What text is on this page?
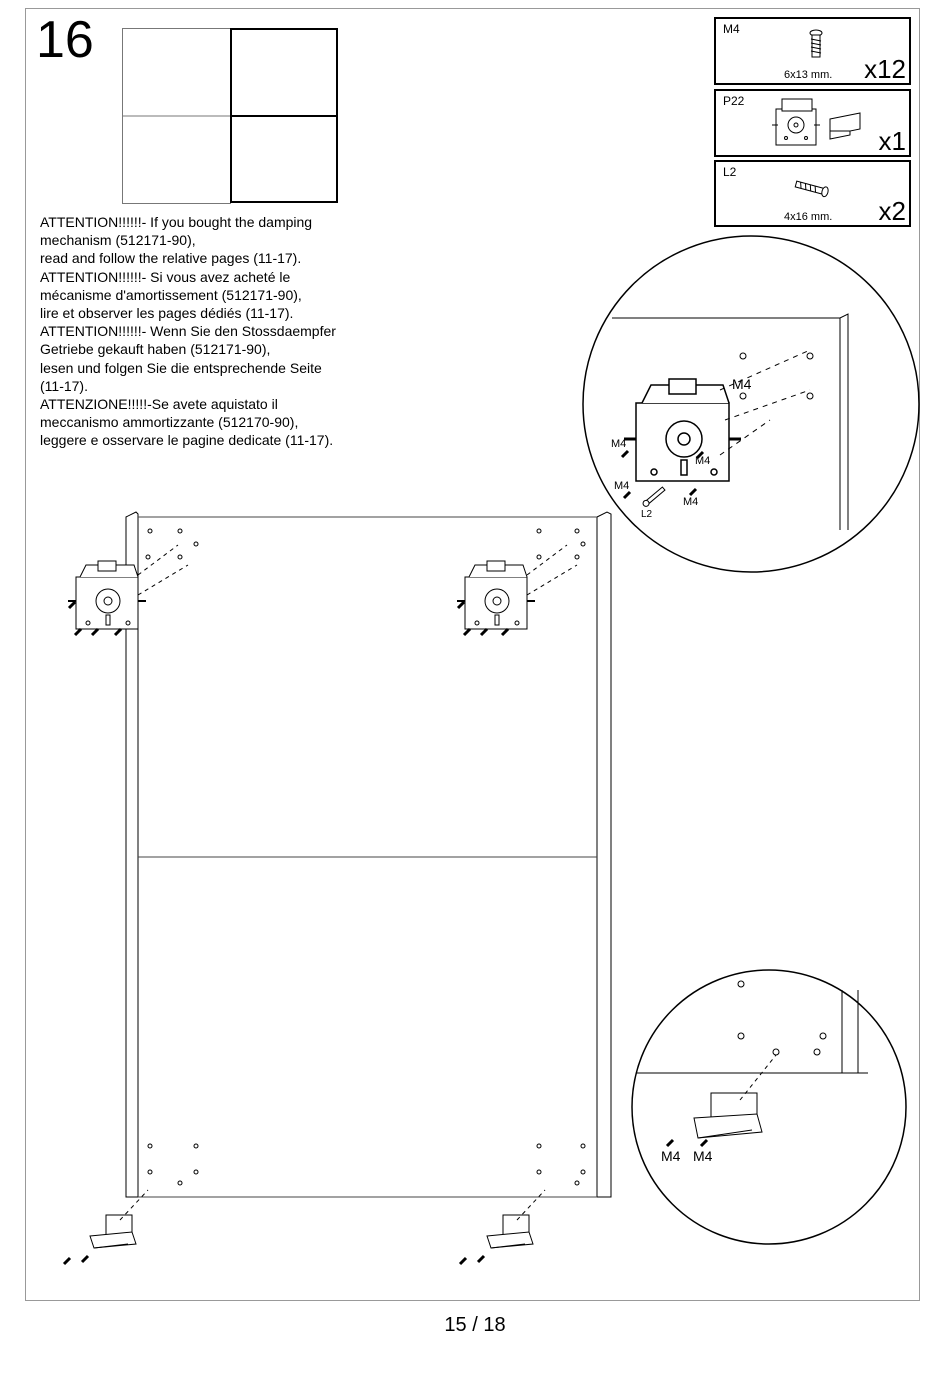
16

ATTENTION!!!!!!- If you bought the damping

mechanism (512171-90),

read and follow the relative pages (11-17).

ATTENTION!!!!!!- Si vous avez acheté le

mécanisme d'amortissement (512171-90),

lire et observer les pages dédiés (11-17).

ATTENTION!!!!!!- Wenn Sie den Stossdaempfer

Getriebe gekauft haben (512171-90),

lesen und folgen Sie die entsprechende Seite

(11-17).

ATTENZIONE!!!!!-Se avete aquistato il

meccanismo ammortizzante (512170-90),

leggere e osservare le pagine dedicate (11-17).

M4
6x13 mm. x12
P22
x1
L2
4x16 mm. x2
M4
M4
M4
M4
M4
L2
M4 M4
15 / 18
